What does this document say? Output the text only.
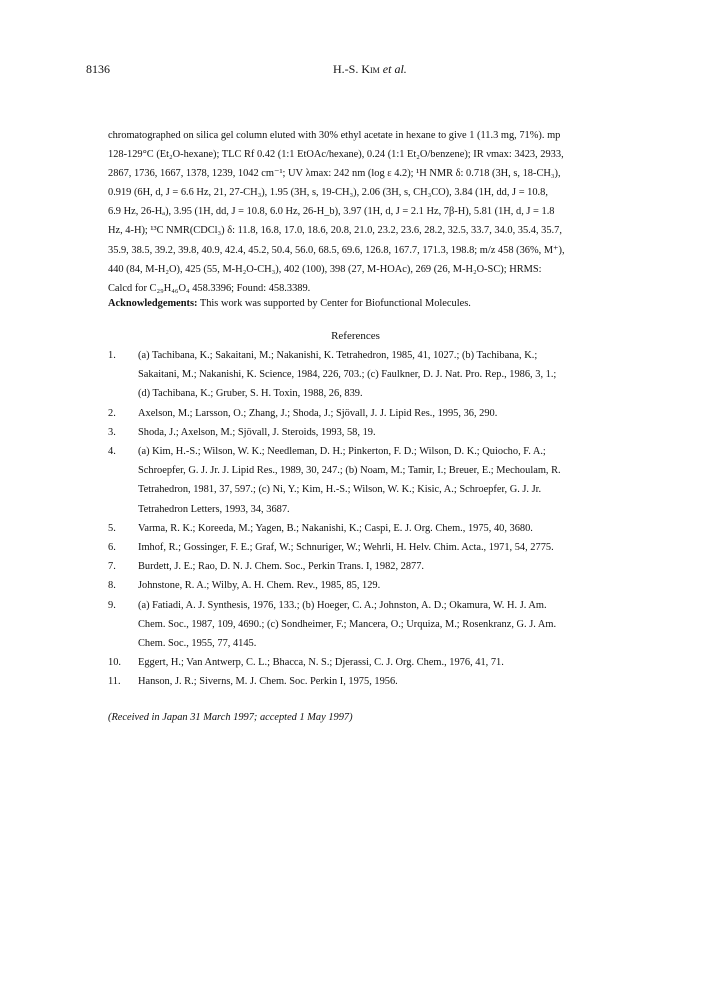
8136	H.-S. Kim et al.
chromatographed on silica gel column eluted with 30% ethyl acetate in hexane to give 1 (11.3 mg, 71%). mp
128-129°C (Et₂O-hexane); TLC Rf 0.42 (1:1 EtOAc/hexane), 0.24 (1:1 Et₂O/benzene); IR νmax: 3423, 2933,
2867, 1736, 1667, 1378, 1239, 1042 cm⁻¹; UV λmax: 242 nm (log ε 4.2); ¹H NMR δ: 0.718 (3H, s, 18-CH₃),
0.919 (6H, d, J = 6.6 Hz, 21, 27-CH₃), 1.95 (3H, s, 19-CH₃), 2.06 (3H, s, CH₃CO), 3.84 (1H, dd, J = 10.8,
6.9 Hz, 26-Hₐ), 3.95 (1H, dd, J = 10.8, 6.0 Hz, 26-H_b), 3.97 (1H, d, J = 2.1 Hz, 7β-H), 5.81 (1H, d, J = 1.8
Hz, 4-H); ¹³C NMR(CDCl₃) δ: 11.8, 16.8, 17.0, 18.6, 20.8, 21.0, 23.2, 23.6, 28.2, 32.5, 33.7, 34.0, 35.4, 35.7,
35.9, 38.5, 39.2, 39.8, 40.9, 42.4, 45.2, 50.4, 56.0, 68.5, 69.6, 126.8, 167.7, 171.3, 198.8; m/z 458 (36%, M⁺),
440 (84, M-H₂O), 425 (55, M-H₂O-CH₃), 402 (100), 398 (27, M-HOAc), 269 (26, M-H₂O-SC); HRMS:
Calcd for C₂₉H₄₆O₄ 458.3396; Found: 458.3389.
Acknowledgements: This work was supported by Center for Biofunctional Molecules.
References
1.	(a) Tachibana, K.; Sakaitani, M.; Nakanishi, K. Tetrahedron, 1985, 41, 1027.; (b) Tachibana, K.;
Sakaitani, M.; Nakanishi, K. Science, 1984, 226, 703.; (c) Faulkner, D. J. Nat. Pro. Rep., 1986, 3, 1.;
(d) Tachibana, K.; Gruber, S. H. Toxin, 1988, 26, 839.
2.	Axelson, M.; Larsson, O.; Zhang, J.; Shoda, J.; Sjövall, J. J. Lipid Res., 1995, 36, 290.
3.	Shoda, J.; Axelson, M.; Sjövall, J. Steroids, 1993, 58, 19.
4.	(a) Kim, H.-S.; Wilson, W. K.; Needleman, D. H.; Pinkerton, F. D.; Wilson, D. K.; Quiocho, F. A.;
Schroepfer, G. J. Jr. J. Lipid Res., 1989, 30, 247.; (b) Noam, M.; Tamir, I.; Breuer, E.; Mechoulam, R.
Tetrahedron, 1981, 37, 597.; (c) Ni, Y.; Kim, H.-S.; Wilson, W. K.; Kisic, A.; Schroepfer, G. J. Jr.
Tetrahedron Letters, 1993, 34, 3687.
5.	Varma, R. K.; Koreeda, M.; Yagen, B.; Nakanishi, K.; Caspi, E. J. Org. Chem., 1975, 40, 3680.
6.	Imhof, R.; Gossinger, F. E.; Graf, W.; Schnuriger, W.; Wehrli, H. Helv. Chim. Acta., 1971, 54, 2775.
7.	Burdett, J. E.; Rao, D. N. J. Chem. Soc., Perkin Trans. I, 1982, 2877.
8.	Johnstone, R. A.; Wilby, A. H. Chem. Rev., 1985, 85, 129.
9.	(a) Fatiadi, A. J. Synthesis, 1976, 133.; (b) Hoeger, C. A.; Johnston, A. D.; Okamura, W. H. J. Am.
Chem. Soc., 1987, 109, 4690.; (c) Sondheimer, F.; Mancera, O.; Urquiza, M.; Rosenkranz, G. J. Am.
Chem. Soc., 1955, 77, 4145.
10.	Eggert, H.; Van Antwerp, C. L.; Bhacca, N. S.; Djerassi, C. J. Org. Chem., 1976, 41, 71.
11.	Hanson, J. R.; Siverns, M. J. Chem. Soc. Perkin I, 1975, 1956.
(Received in Japan 31 March 1997; accepted 1 May 1997)
